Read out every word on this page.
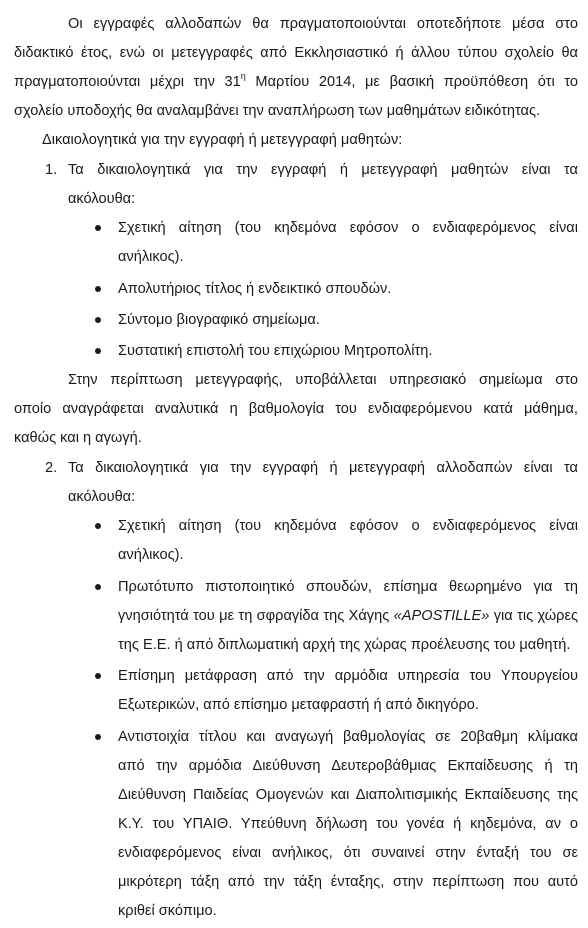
Οι εγγραφές αλλοδαπών θα πραγματοποιούνται οποτεδήποτε μέσα στο
διδακτικό έτος, ενώ οι μετεγγραφές από Εκκλησιαστικό ή άλλου τύπου σχολείο θα
πραγματοποιούνται μέχρι την $31^\eta$ Μαρτίου 2014, με βασική προϋπόθεση ότι το
σχολείο υποδοχής θα αναλαμβάνει την αναπλήρωση των μαθημάτων ειδικότητας.
Δικαιολογητικά για την εγγραφή ή μετεγγραφή μαθητών:
1. Τα δικαιολογητικά για την εγγραφή ή μετεγγραφή μαθητών είναι τα
ακόλουθα:
Σχετική αίτηση (του κηδεμόνα εφόσον ο ενδιαφερόμενος είναι
ανήλικος).
Απολυτήριος τίτλος ή ενδεικτικό σπουδών.
Σύντομο βιογραφικό σημείωμα.
Συστατική επιστολή του επιχώριου Μητροπολίτη.
Στην περίπτωση μετεγγραφής, υποβάλλεται υπηρεσιακό σημείωμα στο
οποίο αναγράφεται αναλυτικά η βαθμολογία του ενδιαφερόμενου κατά μάθημα,
καθώς και η αγωγή.
2. Τα δικαιολογητικά για την εγγραφή ή μετεγγραφή αλλοδαπών είναι τα
ακόλουθα:
Σχετική αίτηση (του κηδεμόνα εφόσον ο ενδιαφερόμενος είναι
ανήλικος).
Πρωτότυπο πιστοποιητικό σπουδών, επίσημα θεωρημένο για τη
γνησιότητά του με τη σφραγίδα της Χάγης «APOSTILLE» για τις χώρες
της Ε.Ε. ή από διπλωματική αρχή της χώρας προέλευσης του μαθητή.
Επίσημη μετάφραση από την αρμόδια υπηρεσία του Υπουργείου
Εξωτερικών, από επίσημο μεταφραστή ή από δικηγόρο.
Αντιστοιχία τίτλου και αναγωγή βαθμολογίας σε 20βαθμη κλίμακα
από την αρμόδια Διεύθυνση Δευτεροβάθμιας Εκπαίδευσης ή τη
Διεύθυνση Παιδείας Ομογενών και Διαπολιτισμικής Εκπαίδευσης της
Κ.Υ. του ΥΠΑΙΘ. Υπεύθυνη δήλωση του γονέα ή κηδεμόνα, αν ο
ενδιαφερόμενος είναι ανήλικος, ότι συναινεί στην ένταξή του σε
μικρότερη τάξη από την τάξη ένταξης, στην περίπτωση που αυτό
κριθεί σκόπιμο.
